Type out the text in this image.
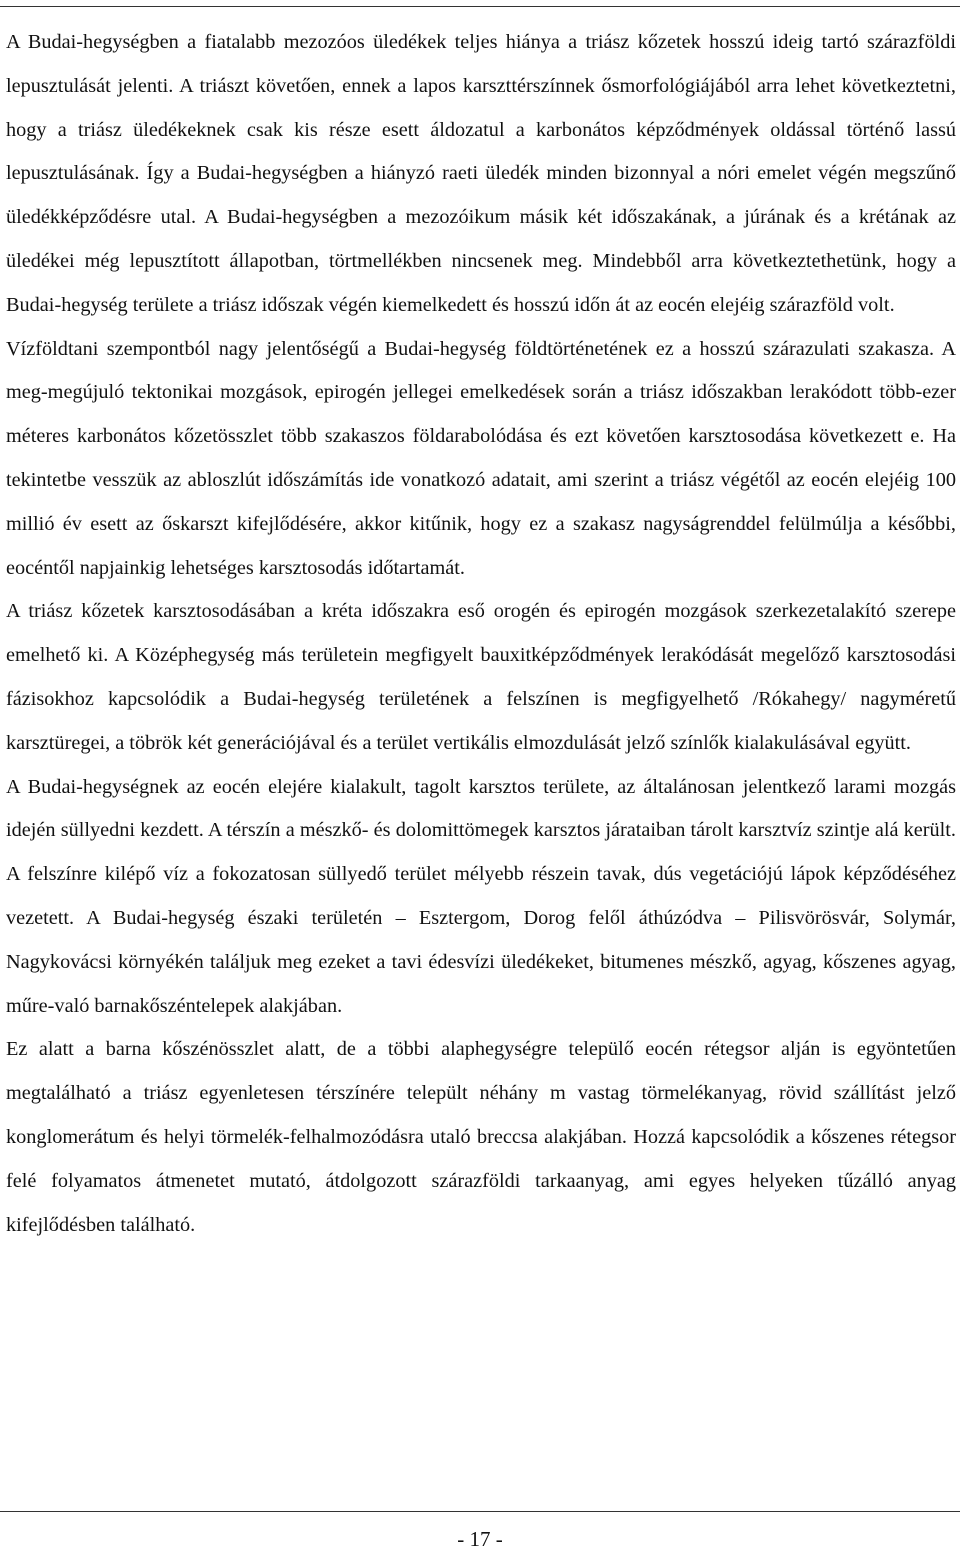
A Budai-hegységben a fiatalabb mezozóos üledékek teljes hiánya a triász kőzetek hosszú ideig tartó szárazföldi lepusztulását jelenti. A triászt követően, ennek a lapos karszttérszínnek ősmorfológiájából arra lehet következtetni, hogy a triász üledékeknek csak kis része esett áldozatul a karbonátos képződmények oldással történő lassú lepusztulásának. Így a Budai-hegységben a hiányzó raeti üledék minden bizonnyal a nóri emelet végén megszűnő üledékképződésre utal. A Budai-hegységben a mezozóikum másik két időszakának, a júrának és a krétának az üledékei még lepusztított állapotban, törtmellékben nincsenek meg. Mindebből arra következtethetünk, hogy a Budai-hegység területe a triász időszak végén kiemelkedett és hosszú időn át az eocén elejéig szárazföld volt.

Vízföldtani szempontból nagy jelentőségű a Budai-hegység földtörténetének ez a hosszú szárazulati szakasza. A meg-megújuló tektonikai mozgások, epirogén jellegei emelkedések során a triász időszakban lerakódott több-ezer méteres karbonátos kőzetösszlet több szakaszos földarabolódása és ezt követően karsztosodása következett e. Ha tekintetbe vesszük az abloszlút időszámítás ide vonatkozó adatait, ami szerint a triász végétől az eocén elejéig 100 millió év esett az őskarszt kifejlődésére, akkor kitűnik, hogy ez a szakasz nagyságrenddel felülmúlja a későbbi, eocéntől napjainkig lehetséges karsztosodás időtartamát.

A triász kőzetek karsztosodásában a kréta időszakra eső orogén és epirogén mozgások szerkezetalakító szerepe emelhető ki. A Középhegység más területein megfigyelt bauxitképződmények lerakódását megelőző karsztosodási fázisokhoz kapcsolódik a Budai-hegység területének a felszínen is megfigyelhető /Rókahegy/ nagyméretű karsztüregei, a töbrök két generációjával és a terület vertikális elmozdulását jelző színlők kialakulásával együtt.

A Budai-hegységnek az eocén elejére kialakult, tagolt karsztos területe, az általánosan jelentkező larami mozgás idején süllyedni kezdett. A térszín a mészkő- és dolomittömegek karsztos járataiban tárolt karsztvíz szintje alá került. A felszínre kilépő víz a fokozatosan süllyedő terület mélyebb részein tavak, dús vegetációjú lápok képződéséhez vezetett. A Budai-hegység északi területén – Esztergom, Dorog felől áthúzódva – Pilisvörösvár, Solymár, Nagykovácsi környékén találjuk meg ezeket a tavi édesvízi üledékeket, bitumenes mészkő, agyag, kőszenes agyag, műre-való barnakőszéntelepek alakjában.

Ez alatt a barna kőszénösszlet alatt, de a többi alaphegységre települő eocén rétegsor alján is egyöntetűen megtalálható a triász egyenletesen térszínére települt néhány m vastag törmelékanyag, rövid szállítást jelző konglomerátum és helyi törmelék-felhalmozódásra utaló breccsa alakjában. Hozzá kapcsolódik a kőszenes rétegsor felé folyamatos átmenetet mutató, átdolgozott szárazföldi tarkaanyag, ami egyes helyeken tűzálló anyag kifejlődésben található.

- 17 -
